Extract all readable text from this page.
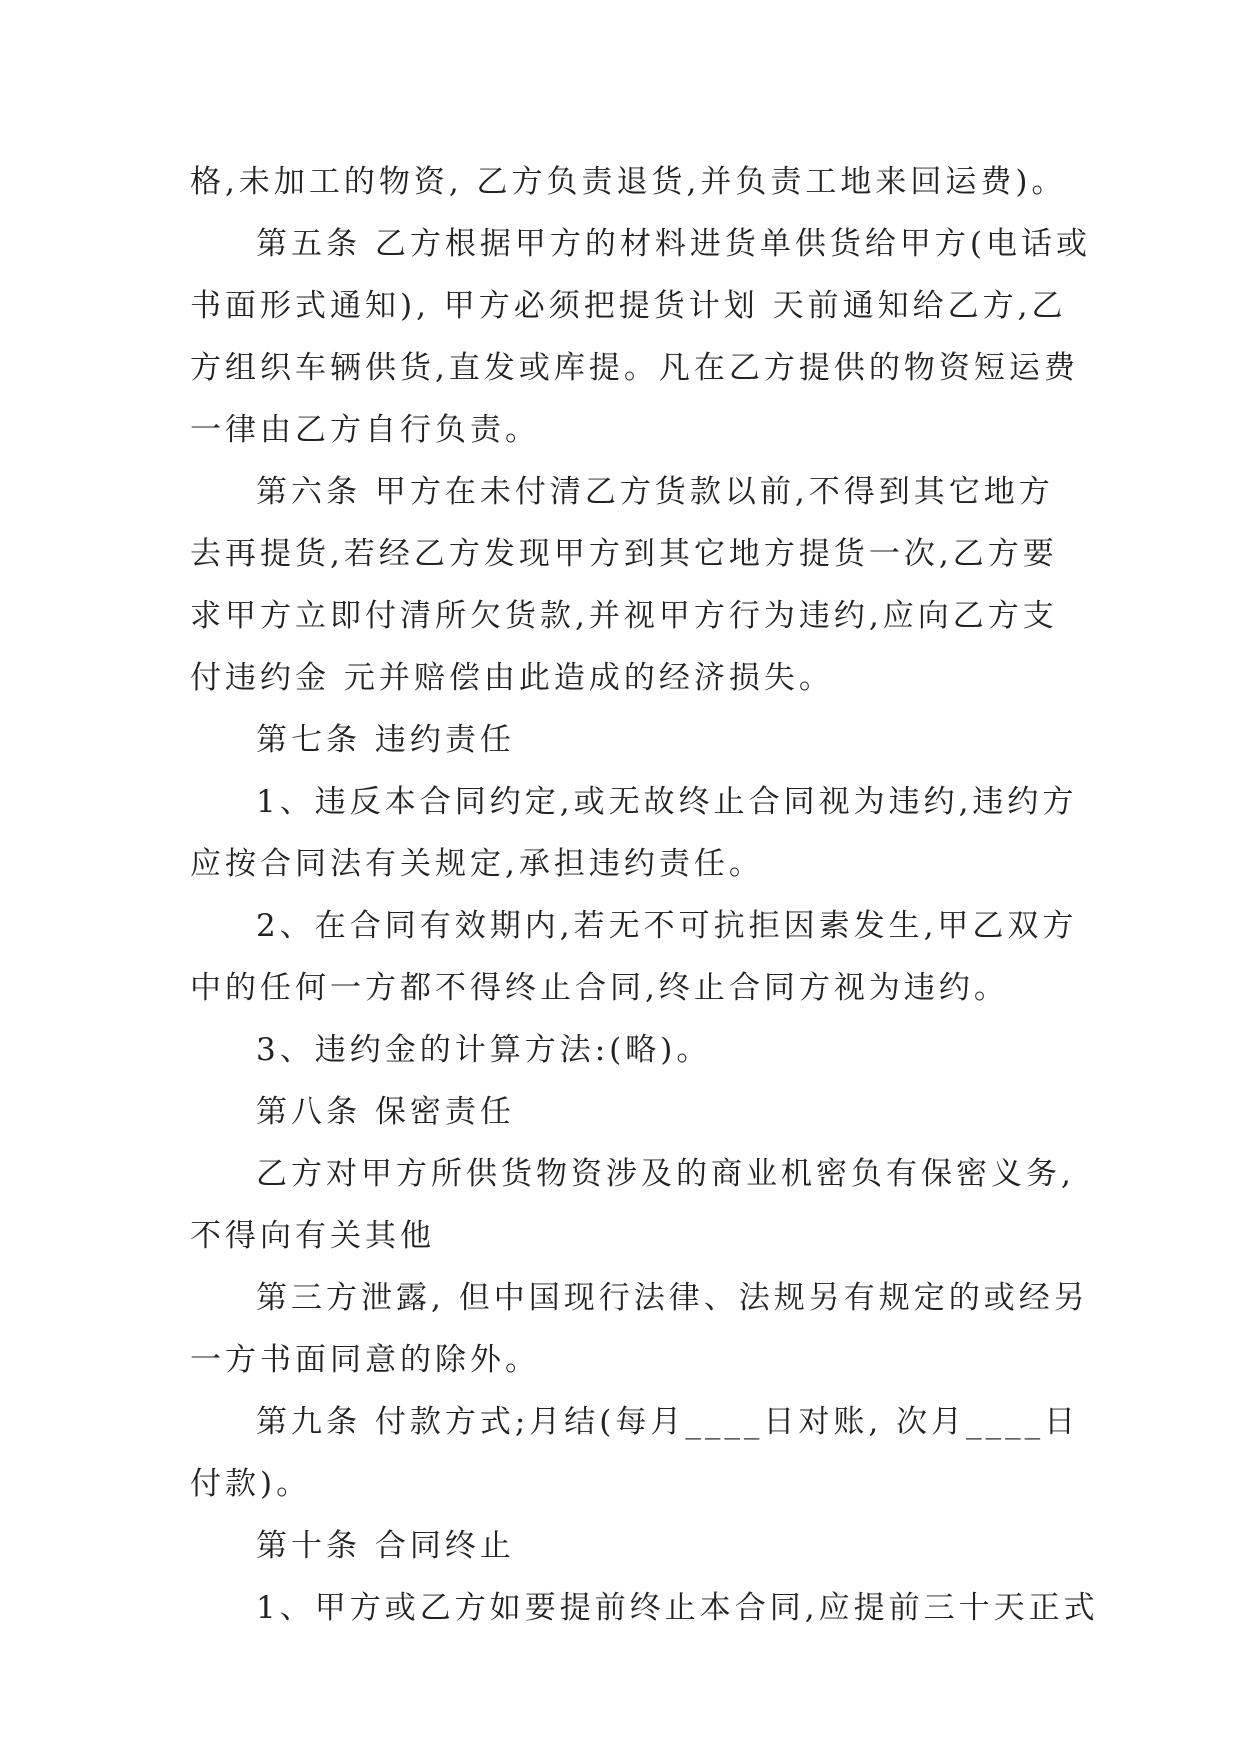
格,未加工的物资, 乙方负责退货,并负责工地来回运费)。
第五条 乙方根据甲方的材料进货单供货给甲方(电话或
书面形式通知), 甲方必须把提货计划 天前通知给乙方,乙
方组织车辆供货,直发或库提。凡在乙方提供的物资短运费
一律由乙方自行负责。
第六条 甲方在未付清乙方货款以前,不得到其它地方
去再提货,若经乙方发现甲方到其它地方提货一次,乙方要
求甲方立即付清所欠货款,并视甲方行为违约,应向乙方支
付违约金 元并赔偿由此造成的经济损失。
第七条 违约责任
1、违反本合同约定,或无故终止合同视为违约,违约方
应按合同法有关规定,承担违约责任。
2、在合同有效期内,若无不可抗拒因素发生,甲乙双方
中的任何一方都不得终止合同,终止合同方视为违约。
3、违约金的计算方法:(略)。
第八条 保密责任
乙方对甲方所供货物资涉及的商业机密负有保密义务,
不得向有关其他
第三方泄露, 但中国现行法律、法规另有规定的或经另
一方书面同意的除外。
第九条 付款方式;月结(每月____日对账, 次月____日
付款)。
第十条 合同终止
1、甲方或乙方如要提前终止本合同,应提前三十天正式
